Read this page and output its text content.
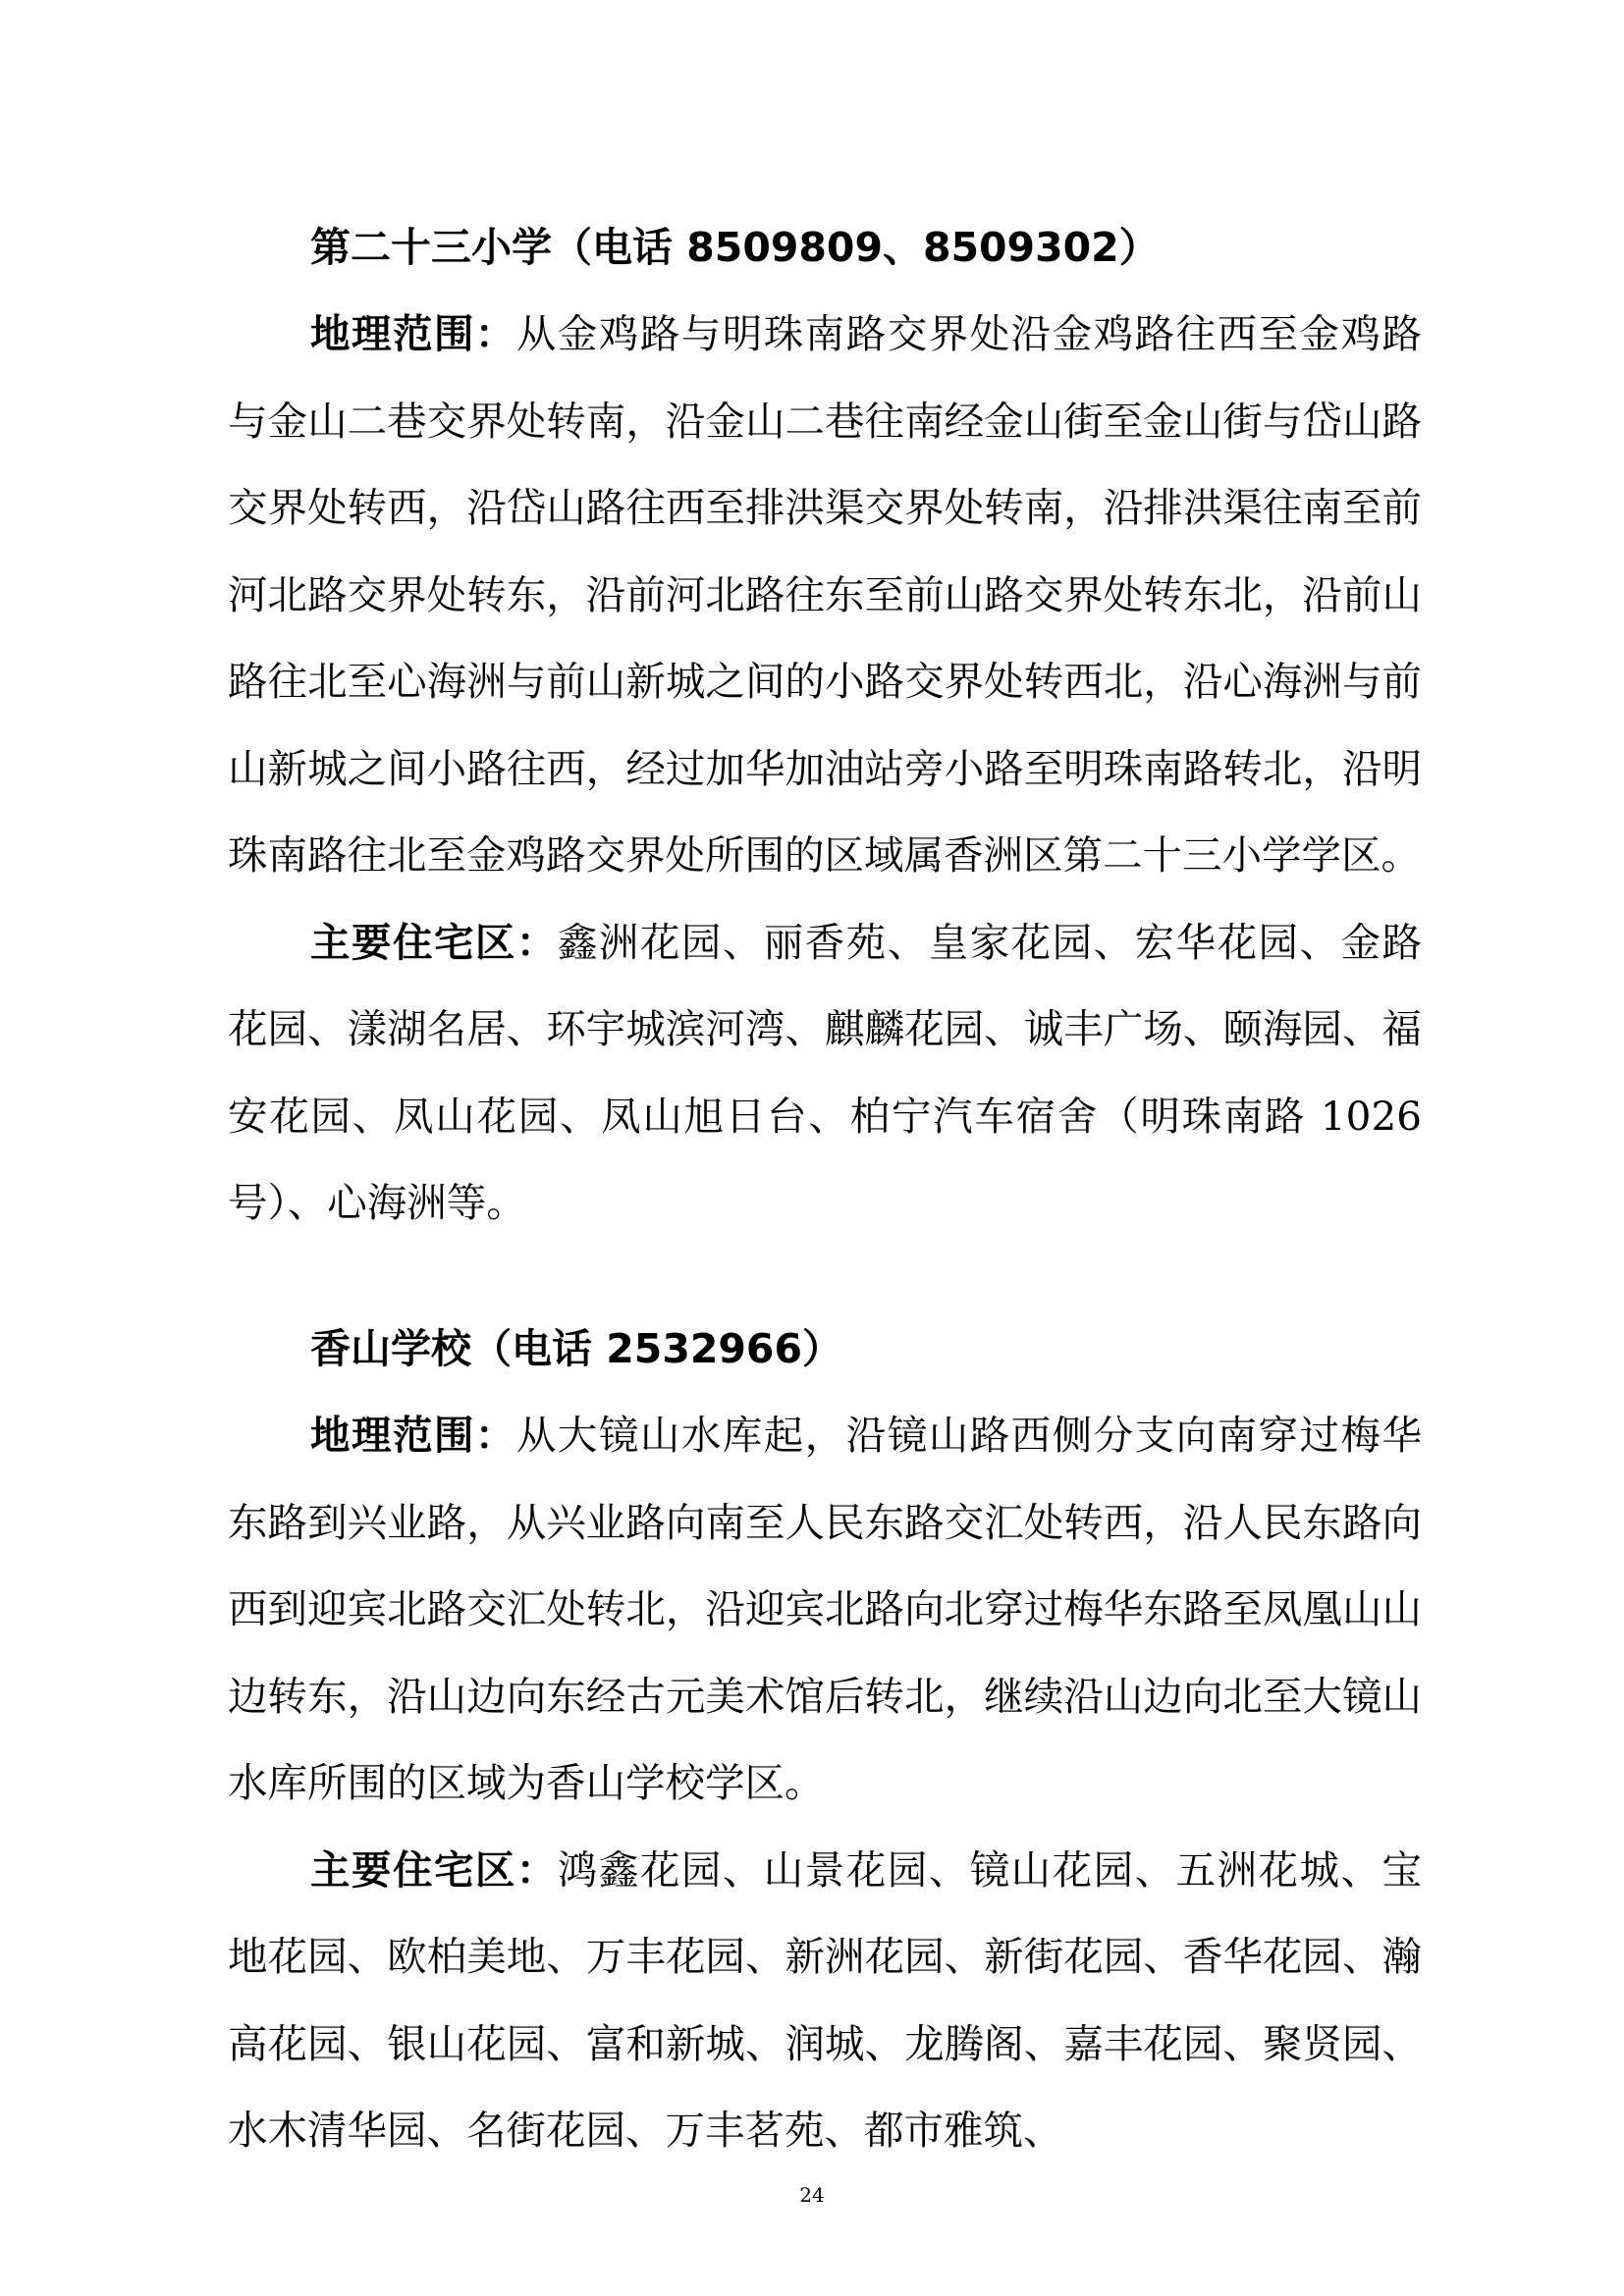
第二十三小学（电话 8509809、8509302）

地理范围：从金鸡路与明珠南路交界处沿金鸡路往西至金鸡路与金山二巷交界处转南，沿金山二巷往南经金山街至金山街与岱山路交界处转西，沿岱山路往西至排洪渠交界处转南，沿排洪渠往南至前河北路交界处转东，沿前河北路往东至前山路交界处转东北，沿前山路往北至心海洲与前山新城之间的小路交界处转西北，沿心海洲与前山新城之间小路往西，经过加华加油站旁小路至明珠南路转北，沿明珠南路往北至金鸡路交界处所围的区域属香洲区第二十三小学学区。

主要住宅区：鑫洲花园、丽香苑、皇家花园、宏华花园、金路花园、漾湖名居、环宇城滨河湾、麒麟花园、诚丰广场、颐海园、福安花园、凤山花园、凤山旭日台、柏宁汽车宿舍（明珠南路 1026 号）、心海洲等。

香山学校（电话 2532966）

地理范围：从大镜山水库起，沿镜山路西侧分支向南穿过梅华东路到兴业路，从兴业路向南至人民东路交汇处转西，沿人民东路向西到迎宾北路交汇处转北，沿迎宾北路向北穿过梅华东路至凤凰山山边转东，沿山边向东经古元美术馆后转北，继续沿山边向北至大镜山水库所围的区域为香山学校学区。

主要住宅区：鸿鑫花园、山景花园、镜山花园、五洲花城、宝地花园、欧柏美地、万丰花园、新洲花园、新街花园、香华花园、瀚高花园、银山花园、富和新城、润城、龙腾阁、嘉丰花园、聚贤园、水木清华园、名街花园、万丰茗苑、都市雅筑、

24
